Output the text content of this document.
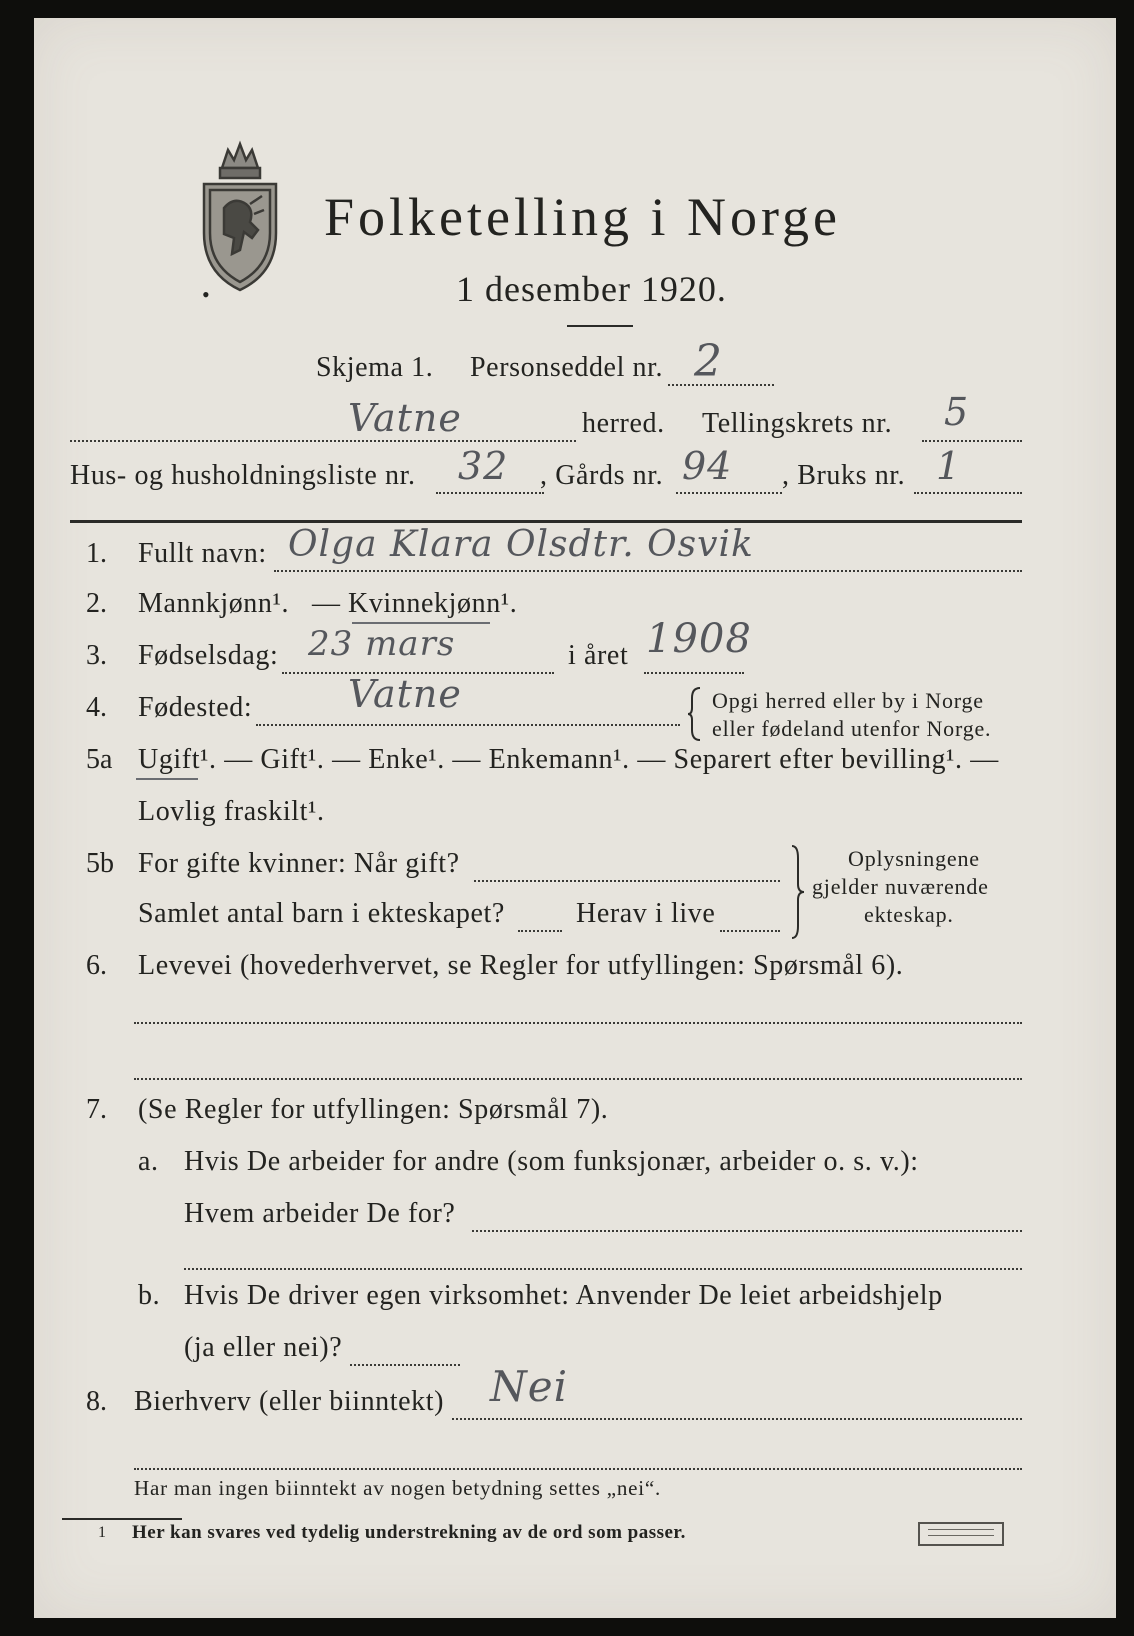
•
Folketelling i Norge
1 desember 1920.
Skjema 1. Personseddel nr. 2
Vatne	herred. Tellingskrets nr. 5
Hus- og husholdningsliste nr. 32 , Gårds nr. 94 , Bruks nr. 1
1. Fullt navn: Olga Klara Olsdtr. Osvik
2. Mannkjønn¹. — Kvinnekjønn¹.
3. Fødselsdag: 23 mars	i året 1908
4. Fødested:	Vatne	Opgi herred eller by i Norge
eller fødeland utenfor Norge.
5a Ugift ¹. — Gift¹. — Enke¹. — Enkemann¹. — Separert efter bevilling¹. —
Lovlig fraskilt¹.
5b For gifte kvinner: Når gift?
Samlet antal barn i ekteskapet?	Herav i live
Oplysningene
gjelder nuværende
ekteskap.
6. Levevei (hovederhvervet, se Regler for utfyllingen: Spørsmål 6).
7. (Se Regler for utfyllingen: Spørsmål 7).
a. Hvis De arbeider for andre (som funksjonær, arbeider o. s. v.):
Hvem arbeider De for?
b. Hvis De driver egen virksomhet: Anvender De leiet arbeidshjelp
(ja eller nei)?
8. Bierhverv (eller biinntekt) Nei
Har man ingen biinntekt av nogen betydning settes „nei“.
1 Her kan svares ved tydelig understrekning av de ord som passer.
